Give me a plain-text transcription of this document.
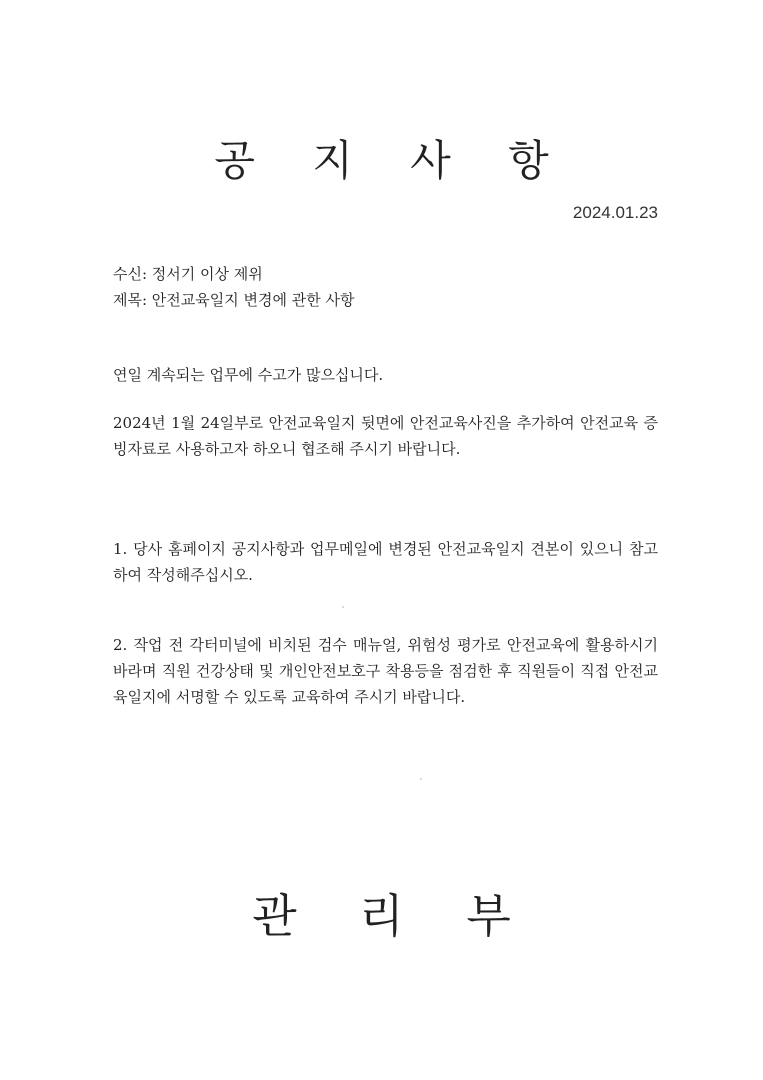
공 지 사 항
2024.01.23
수신: 정서기 이상 제위
제목: 안전교육일지 변경에 관한 사항
연일 계속되는 업무에 수고가 많으십니다.
2024년 1월 24일부로 안전교육일지 뒷면에 안전교육사진을 추가하여 안전교육 증빙자료로 사용하고자 하오니 협조해 주시기 바랍니다.
1. 당사 홈페이지 공지사항과 업무메일에 변경된 안전교육일지 견본이 있으니 참고하여 작성해주십시오.
2. 작업 전 각터미널에 비치된 검수 매뉴얼, 위험성 평가로 안전교육에 활용하시기 바라며 직원 건강상태 및 개인안전보호구 착용등을 점검한 후 직원들이 직접 안전교육일지에 서명할 수 있도록 교육하여 주시기 바랍니다.
관 리 부
